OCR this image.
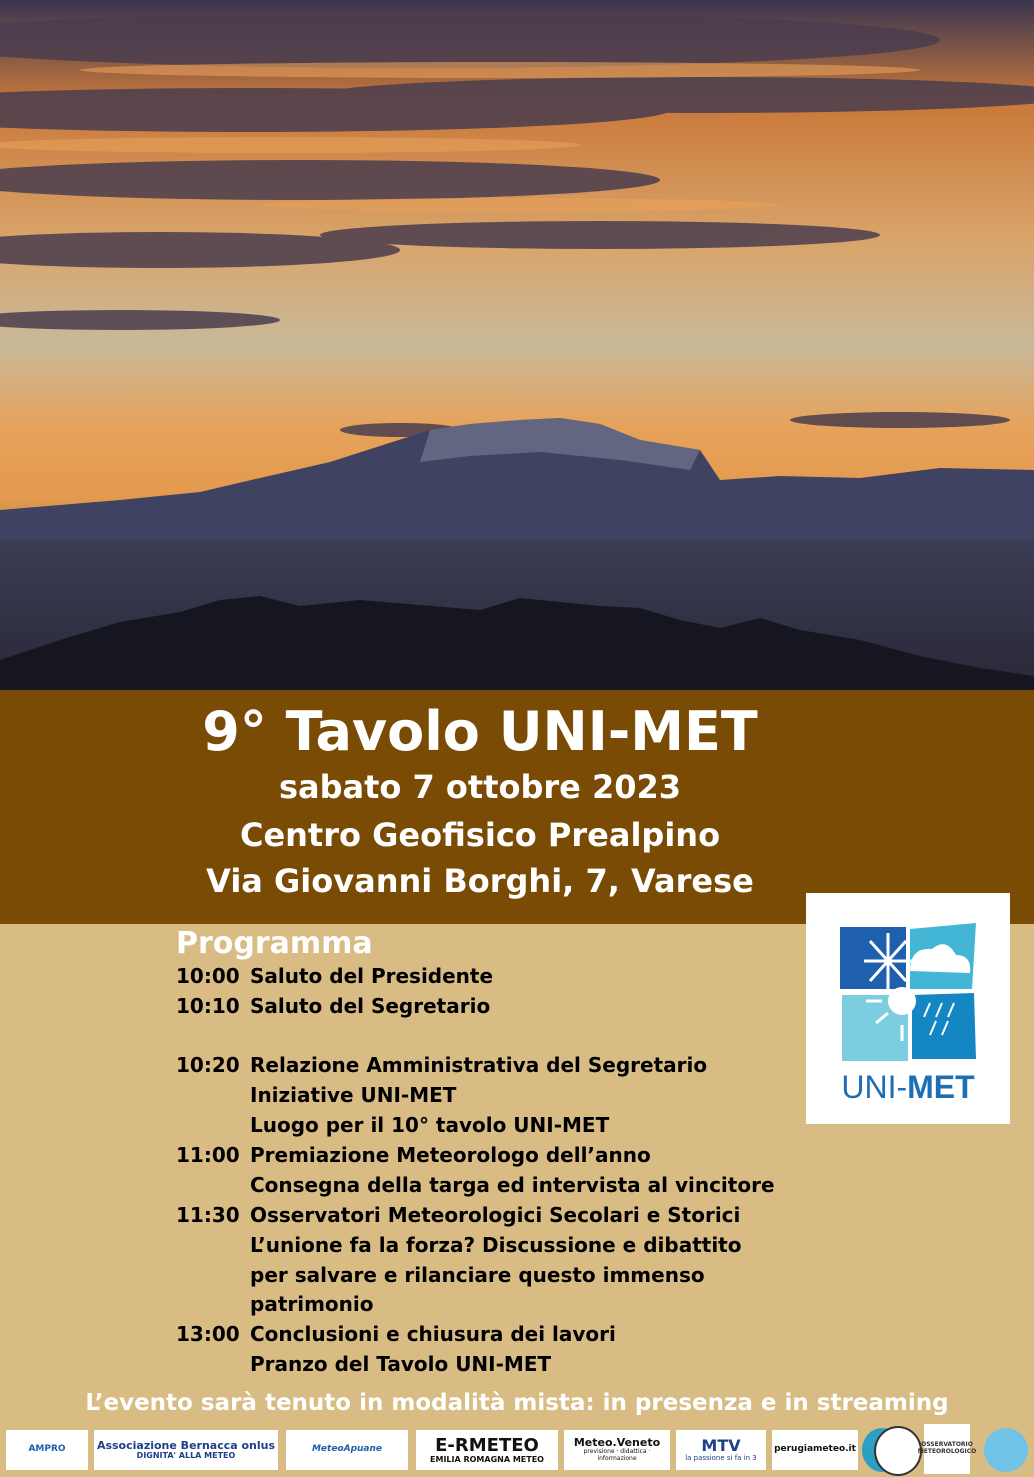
9° Tavolo UNI-MET
sabato 7 ottobre 2023
Centro Geofisico Prealpino
Via Giovanni Borghi, 7, Varese
UNI-MET
Programma
10:00 Saluto del Presidente
10:10 Saluto del Segretario
10:20 Relazione Amministrativa del Segretario
Iniziative UNI-MET
Luogo per il 10° tavolo UNI-MET
11:00 Premiazione Meteorologo dell’anno
Consegna della targa ed intervista al vincitore
11:30 Osservatori Meteorologici Secolari e Storici
L’unione fa la forza? Discussione e dibattito
per salvare e rilanciare questo immenso
patrimonio
13:00 Conclusioni e chiusura dei lavori
Pranzo del Tavolo UNI-MET
L’evento sarà tenuto in modalità mista: in presenza e in streaming
AMPRO	Associazione Bernacca onlus
DIGNITA' ALLA METEO
MeteoApuane	E-RMETEO
EMILIA ROMAGNA METEO
Meteo.Veneto
previsione · didattica · informazione
MTV
la passione si fa in 3
perugiameteo.it	OSSERVATORIO METEOROLOGICO
